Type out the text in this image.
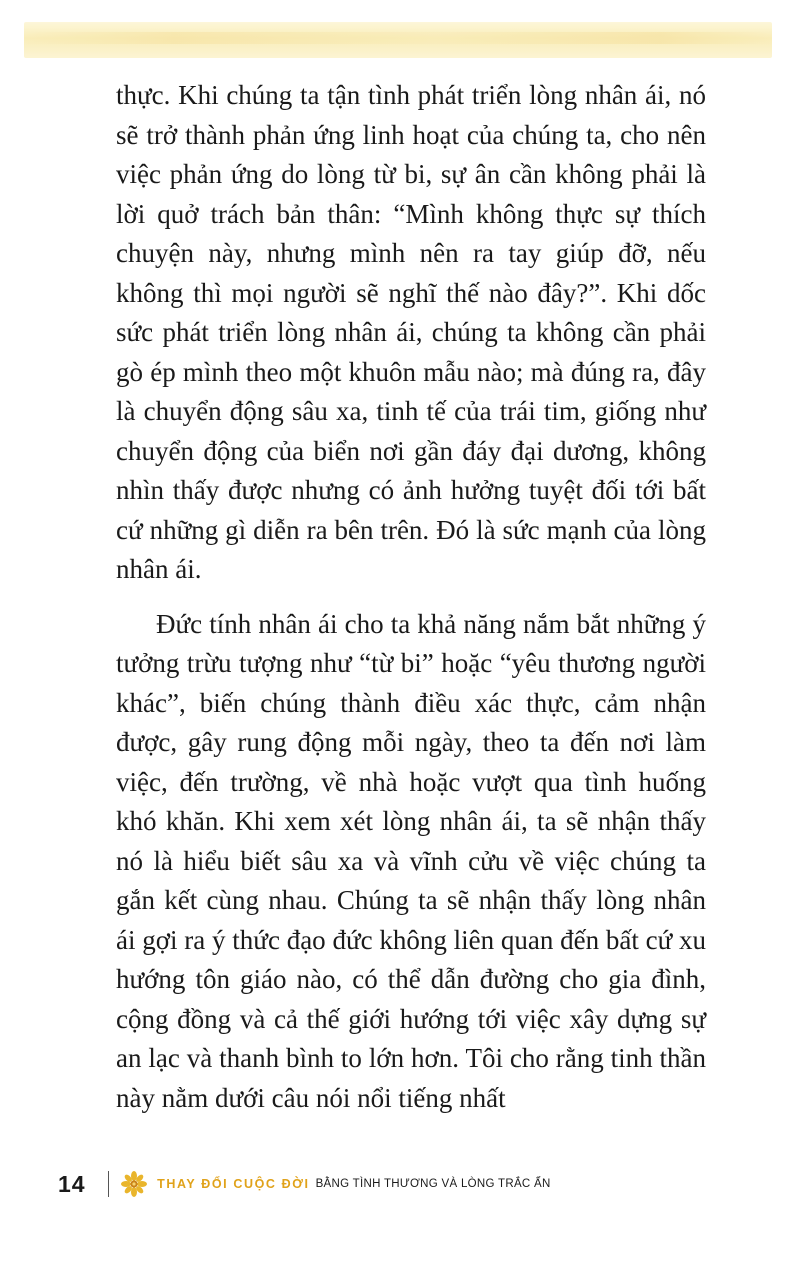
thực. Khi chúng ta tận tình phát triển lòng nhân ái, nó sẽ trở thành phản ứng linh hoạt của chúng ta, cho nên việc phản ứng do lòng từ bi, sự ân cần không phải là lời quở trách bản thân: “Mình không thực sự thích chuyện này, nhưng mình nên ra tay giúp đỡ, nếu không thì mọi người sẽ nghĩ thế nào đây?”. Khi dốc sức phát triển lòng nhân ái, chúng ta không cần phải gò ép mình theo một khuôn mẫu nào; mà đúng ra, đây là chuyển động sâu xa, tinh tế của trái tim, giống như chuyển động của biển nơi gần đáy đại dương, không nhìn thấy được nhưng có ảnh hưởng tuyệt đối tới bất cứ những gì diễn ra bên trên. Đó là sức mạnh của lòng nhân ái.

Đức tính nhân ái cho ta khả năng nắm bắt những ý tưởng trừu tượng như “từ bi” hoặc “yêu thương người khác”, biến chúng thành điều xác thực, cảm nhận được, gây rung động mỗi ngày, theo ta đến nơi làm việc, đến trường, về nhà hoặc vượt qua tình huống khó khăn. Khi xem xét lòng nhân ái, ta sẽ nhận thấy nó là hiểu biết sâu xa và vĩnh cửu về việc chúng ta gắn kết cùng nhau. Chúng ta sẽ nhận thấy lòng nhân ái gợi ra ý thức đạo đức không liên quan đến bất cứ xu hướng tôn giáo nào, có thể dẫn đường cho gia đình, cộng đồng và cả thế giới hướng tới việc xây dựng sự an lạc và thanh bình to lớn hơn. Tôi cho rằng tinh thần này nằm dưới câu nói nổi tiếng nhất

14	THAY ĐỔI CUỘC ĐỜI BẰNG TÌNH THƯƠNG VÀ LÒNG TRẮC ẨN
